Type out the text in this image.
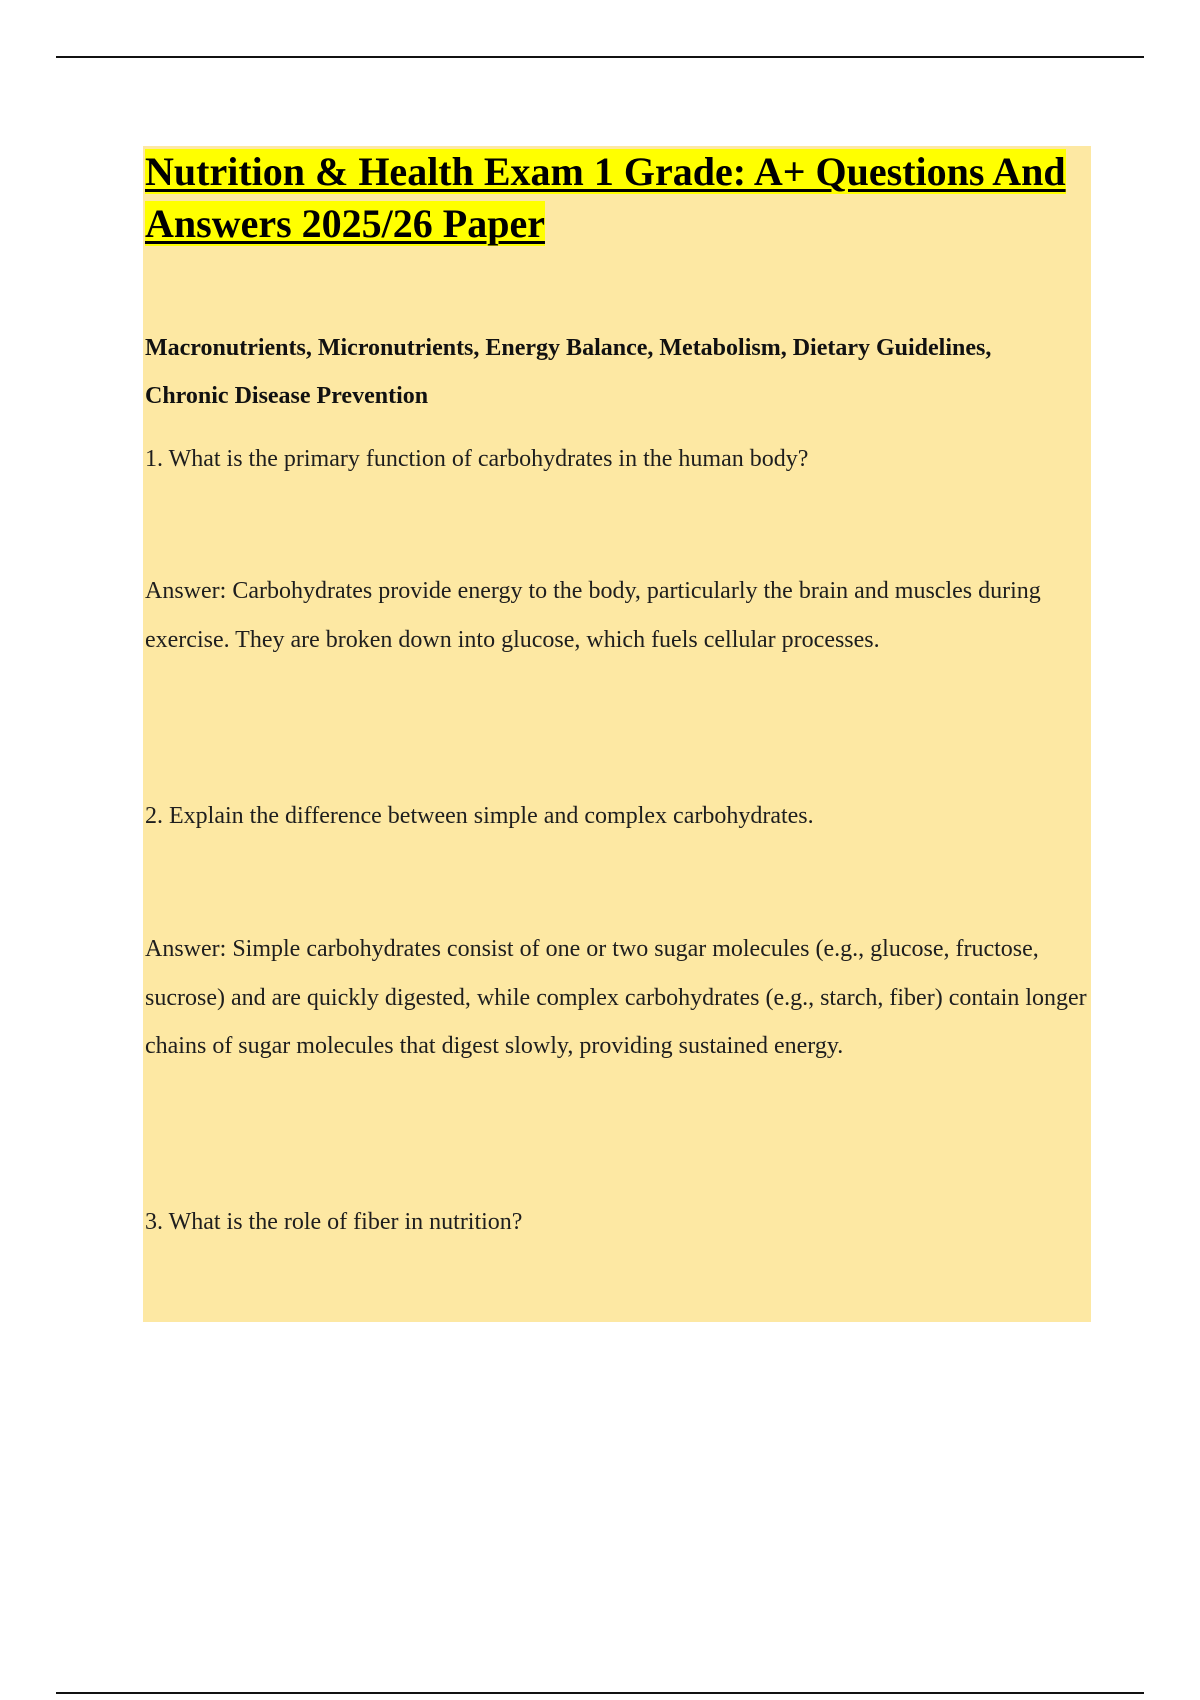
Nutrition & Health Exam 1 Grade: A+ Questions And Answers 2025/26 Paper

Macronutrients, Micronutrients, Energy Balance, Metabolism, Dietary Guidelines, Chronic Disease Prevention

1. What is the primary function of carbohydrates in the human body?

Answer: Carbohydrates provide energy to the body, particularly the brain and muscles during exercise. They are broken down into glucose, which fuels cellular processes.

2. Explain the difference between simple and complex carbohydrates.

Answer: Simple carbohydrates consist of one or two sugar molecules (e.g., glucose, fructose, sucrose) and are quickly digested, while complex carbohydrates (e.g., starch, fiber) contain longer chains of sugar molecules that digest slowly, providing sustained energy.

3. What is the role of fiber in nutrition?
